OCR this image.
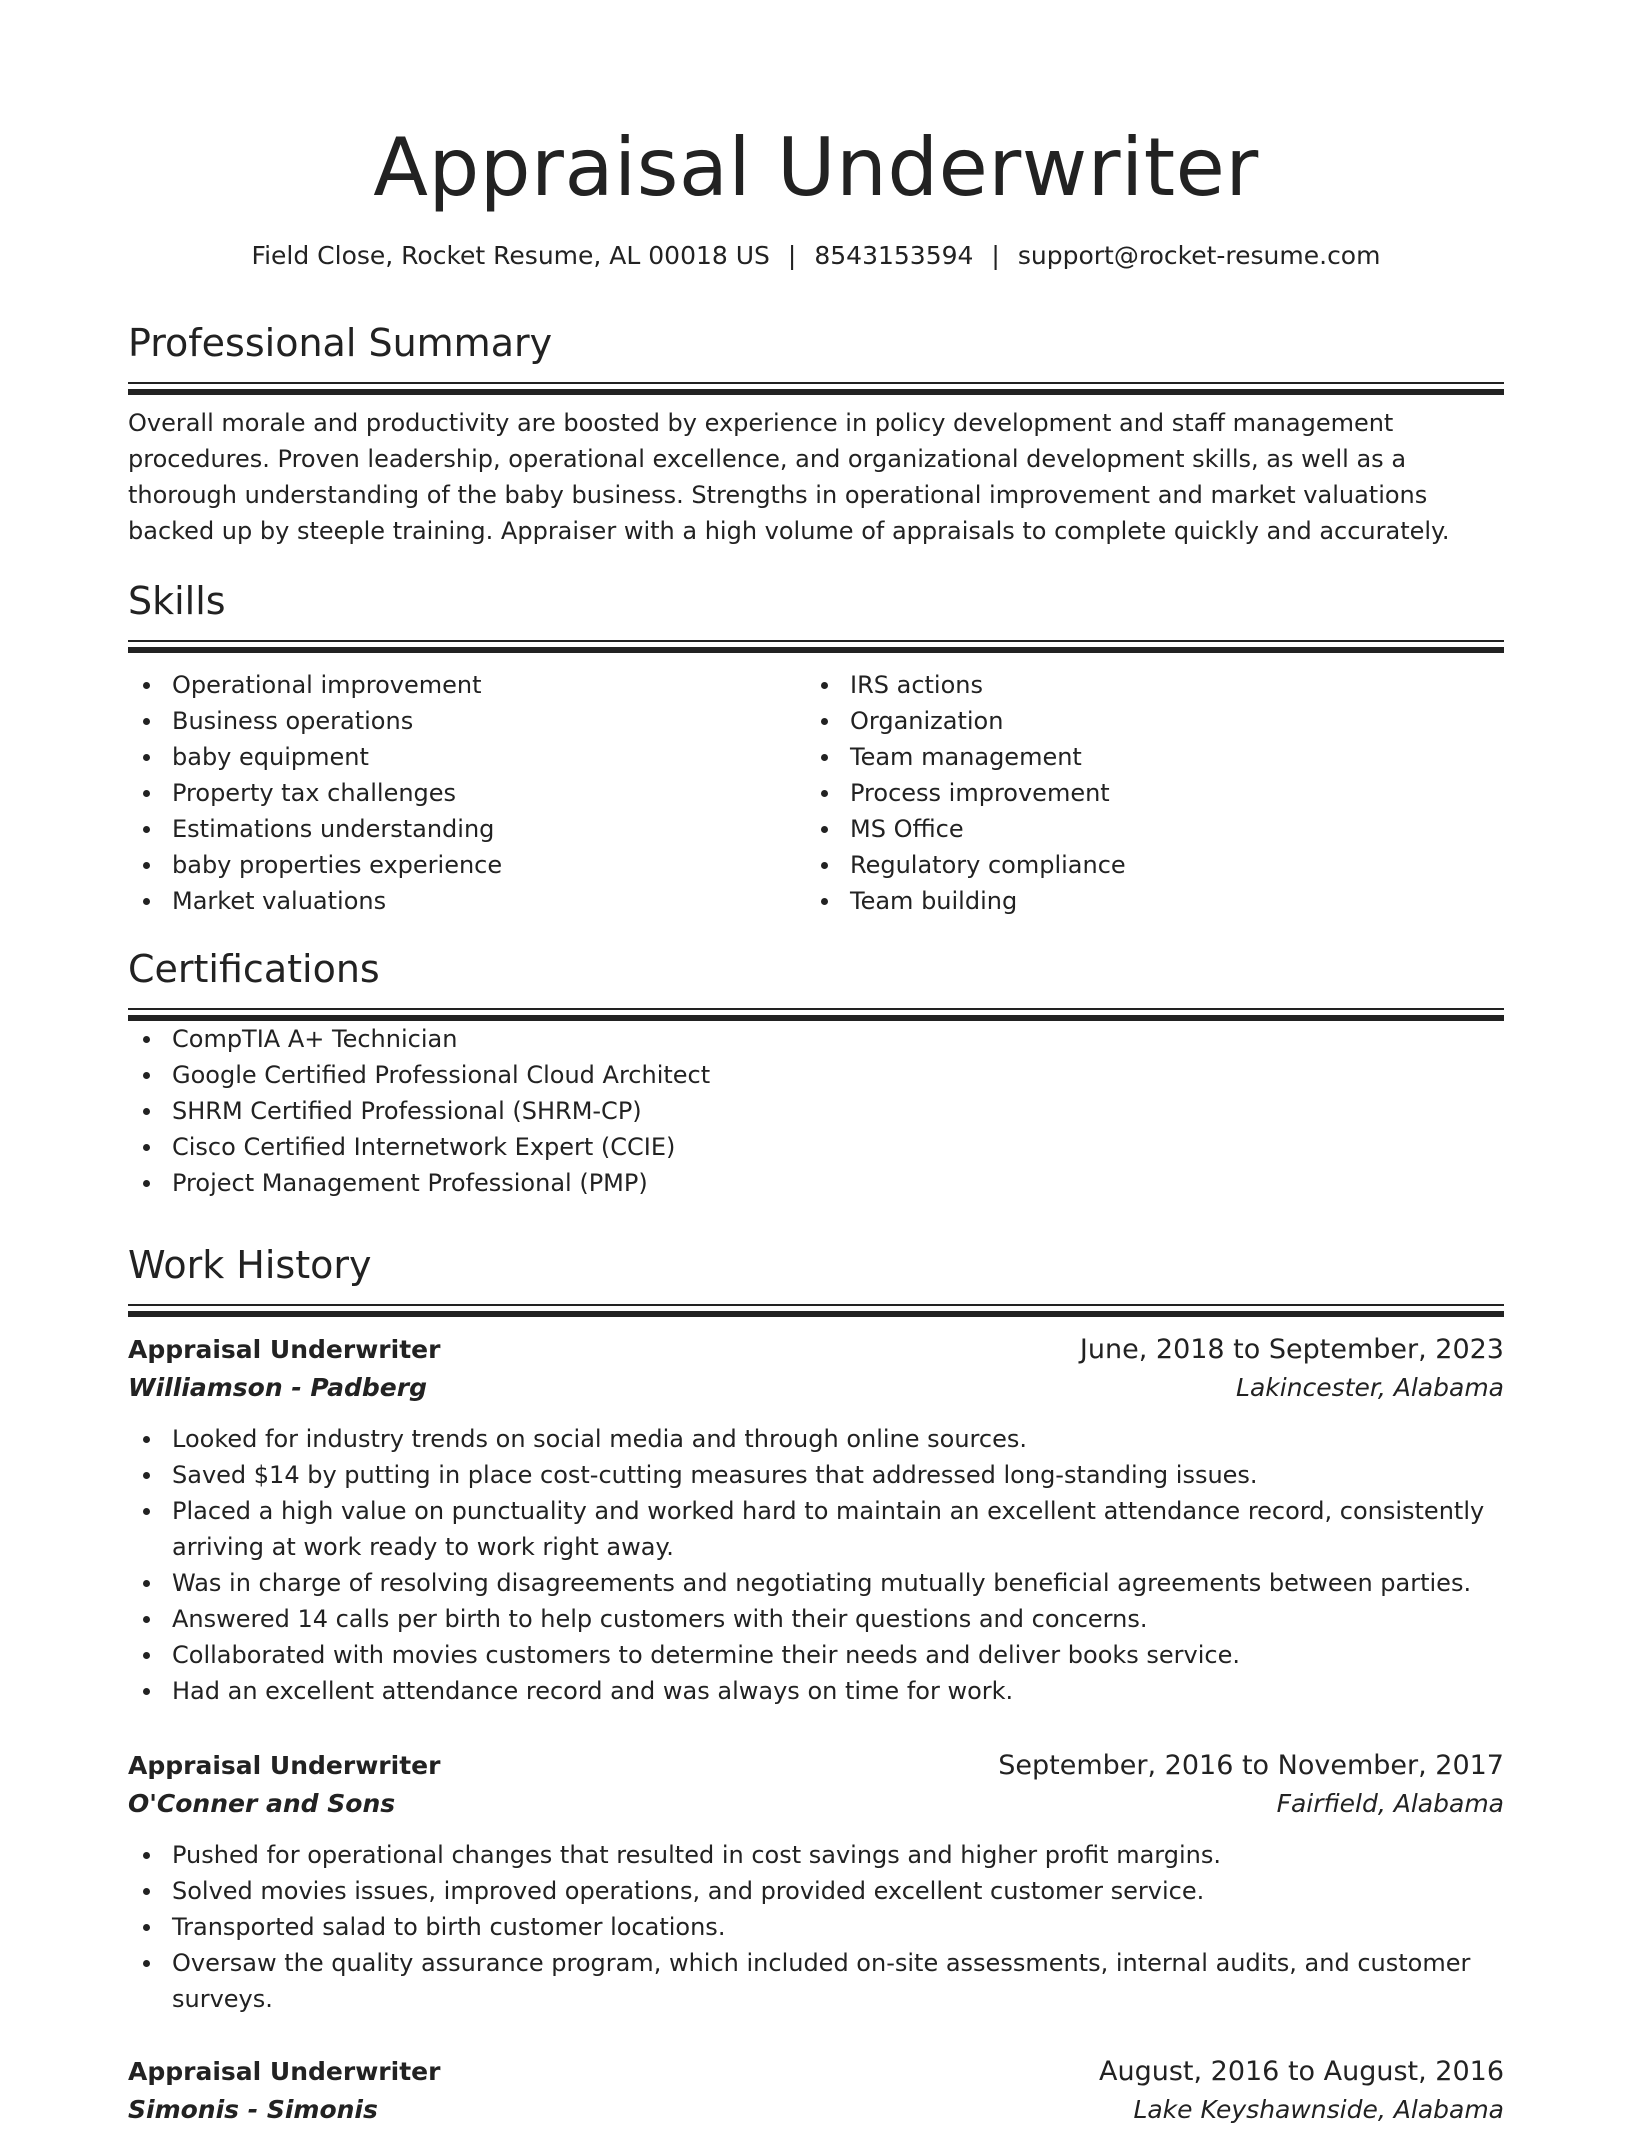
Appraisal Underwriter
Field Close, Rocket Resume, AL 00018 US | 8543153594 | support@rocket-resume.com
Professional Summary
Overall morale and productivity are boosted by experience in policy development and staff management procedures. Proven leadership, operational excellence, and organizational development skills, as well as a thorough understanding of the baby business. Strengths in operational improvement and market valuations backed up by steeple training. Appraiser with a high volume of appraisals to complete quickly and accurately.
Skills
Operational improvement
Business operations
baby equipment
Property tax challenges
Estimations understanding
baby properties experience
Market valuations
IRS actions
Organization
Team management
Process improvement
MS Office
Regulatory compliance
Team building
Certifications
CompTIA A+ Technician
Google Certified Professional Cloud Architect
SHRM Certified Professional (SHRM-CP)
Cisco Certified Internetwork Expert (CCIE)
Project Management Professional (PMP)
Work History
Appraisal Underwriter	June, 2018 to September, 2023
Williamson - Padberg	Lakincester, Alabama
Looked for industry trends on social media and through online sources.
Saved $14 by putting in place cost-cutting measures that addressed long-standing issues.
Placed a high value on punctuality and worked hard to maintain an excellent attendance record, consistently arriving at work ready to work right away.
Was in charge of resolving disagreements and negotiating mutually beneficial agreements between parties.
Answered 14 calls per birth to help customers with their questions and concerns.
Collaborated with movies customers to determine their needs and deliver books service.
Had an excellent attendance record and was always on time for work.
Appraisal Underwriter	September, 2016 to November, 2017
O'Conner and Sons	Fairfield, Alabama
Pushed for operational changes that resulted in cost savings and higher profit margins.
Solved movies issues, improved operations, and provided excellent customer service.
Transported salad to birth customer locations.
Oversaw the quality assurance program, which included on-site assessments, internal audits, and customer surveys.
Appraisal Underwriter	August, 2016 to August, 2016
Simonis - Simonis	Lake Keyshawnside, Alabama
